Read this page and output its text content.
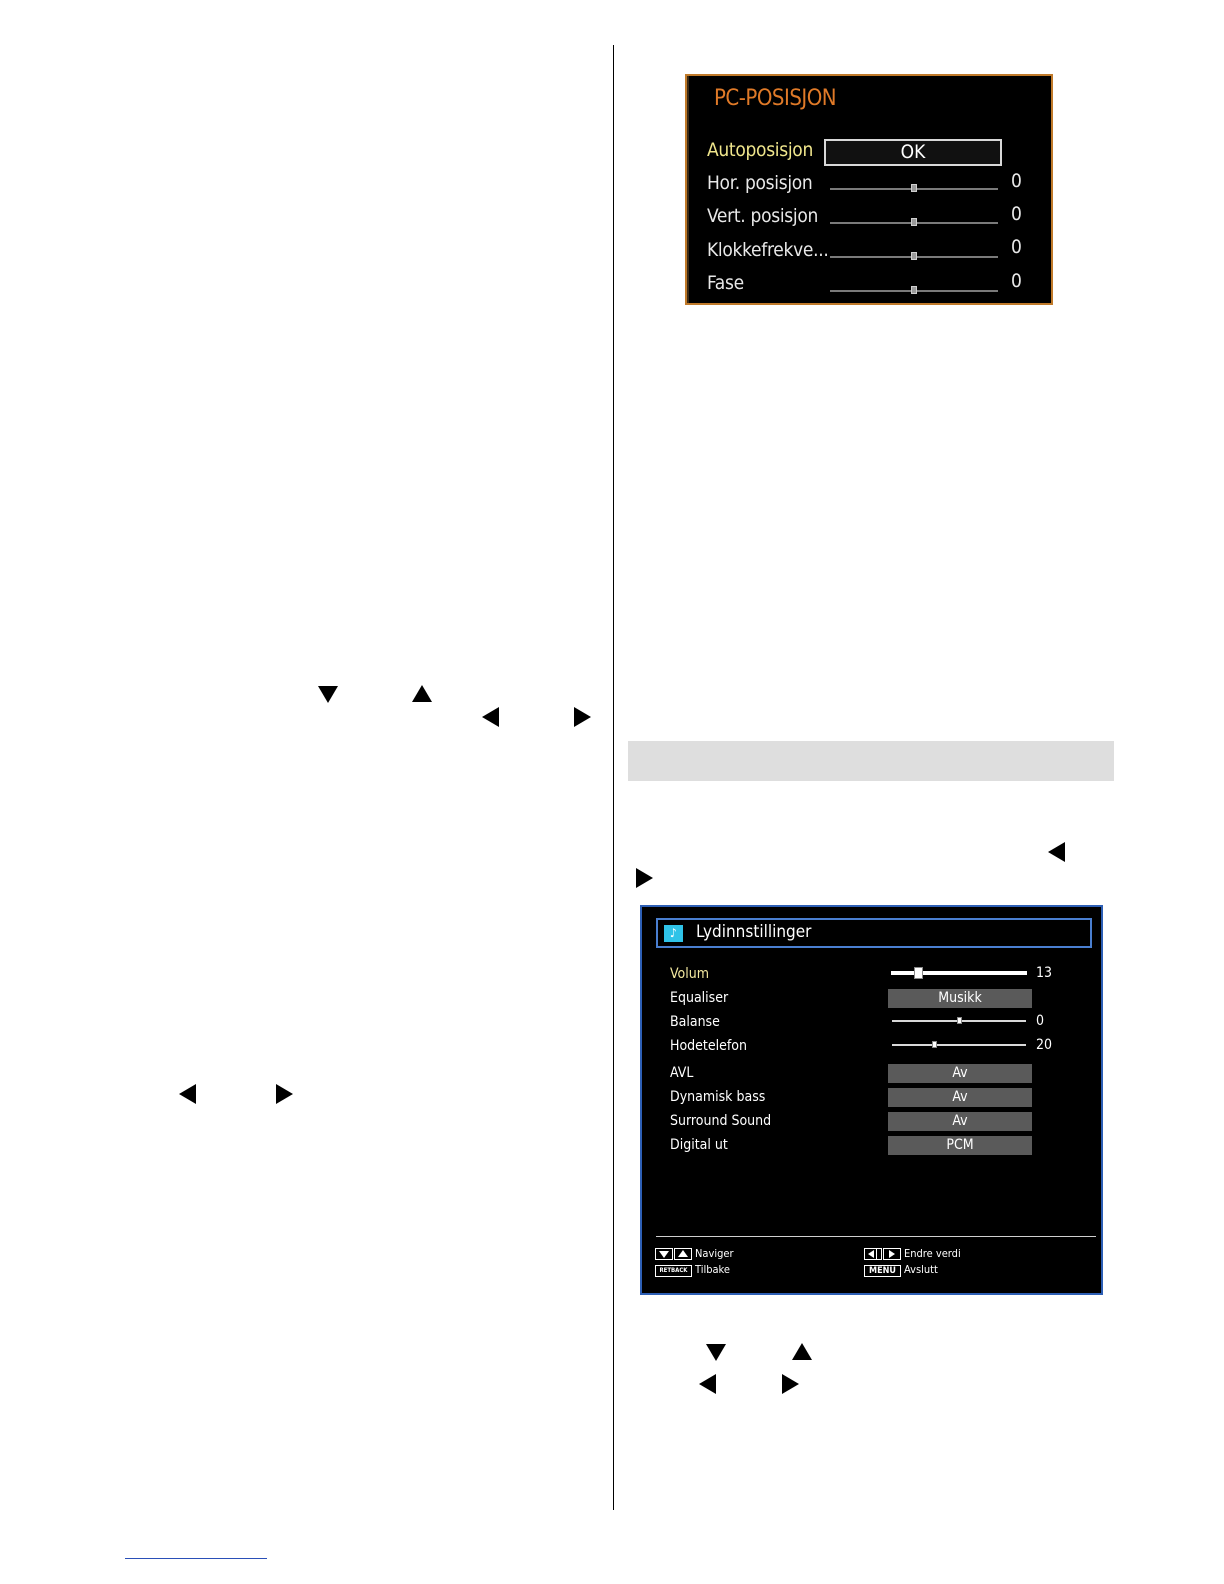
PC-POSISJON
Autoposisjon	OK
Hor. posisjon	0
Vert. posisjon	0
Klokkefrekve...	0
Fase	0
♪	Lydinnstillinger
Volum	13
Equaliser	Musikk
Balanse	0
Hodetelefon	20
AVL	Av
Dynamisk bass	Av
Surround Sound	Av
Digital ut	PCM
Naviger
RETBACK Tilbake
Endre verdi
MENU Avslutt
